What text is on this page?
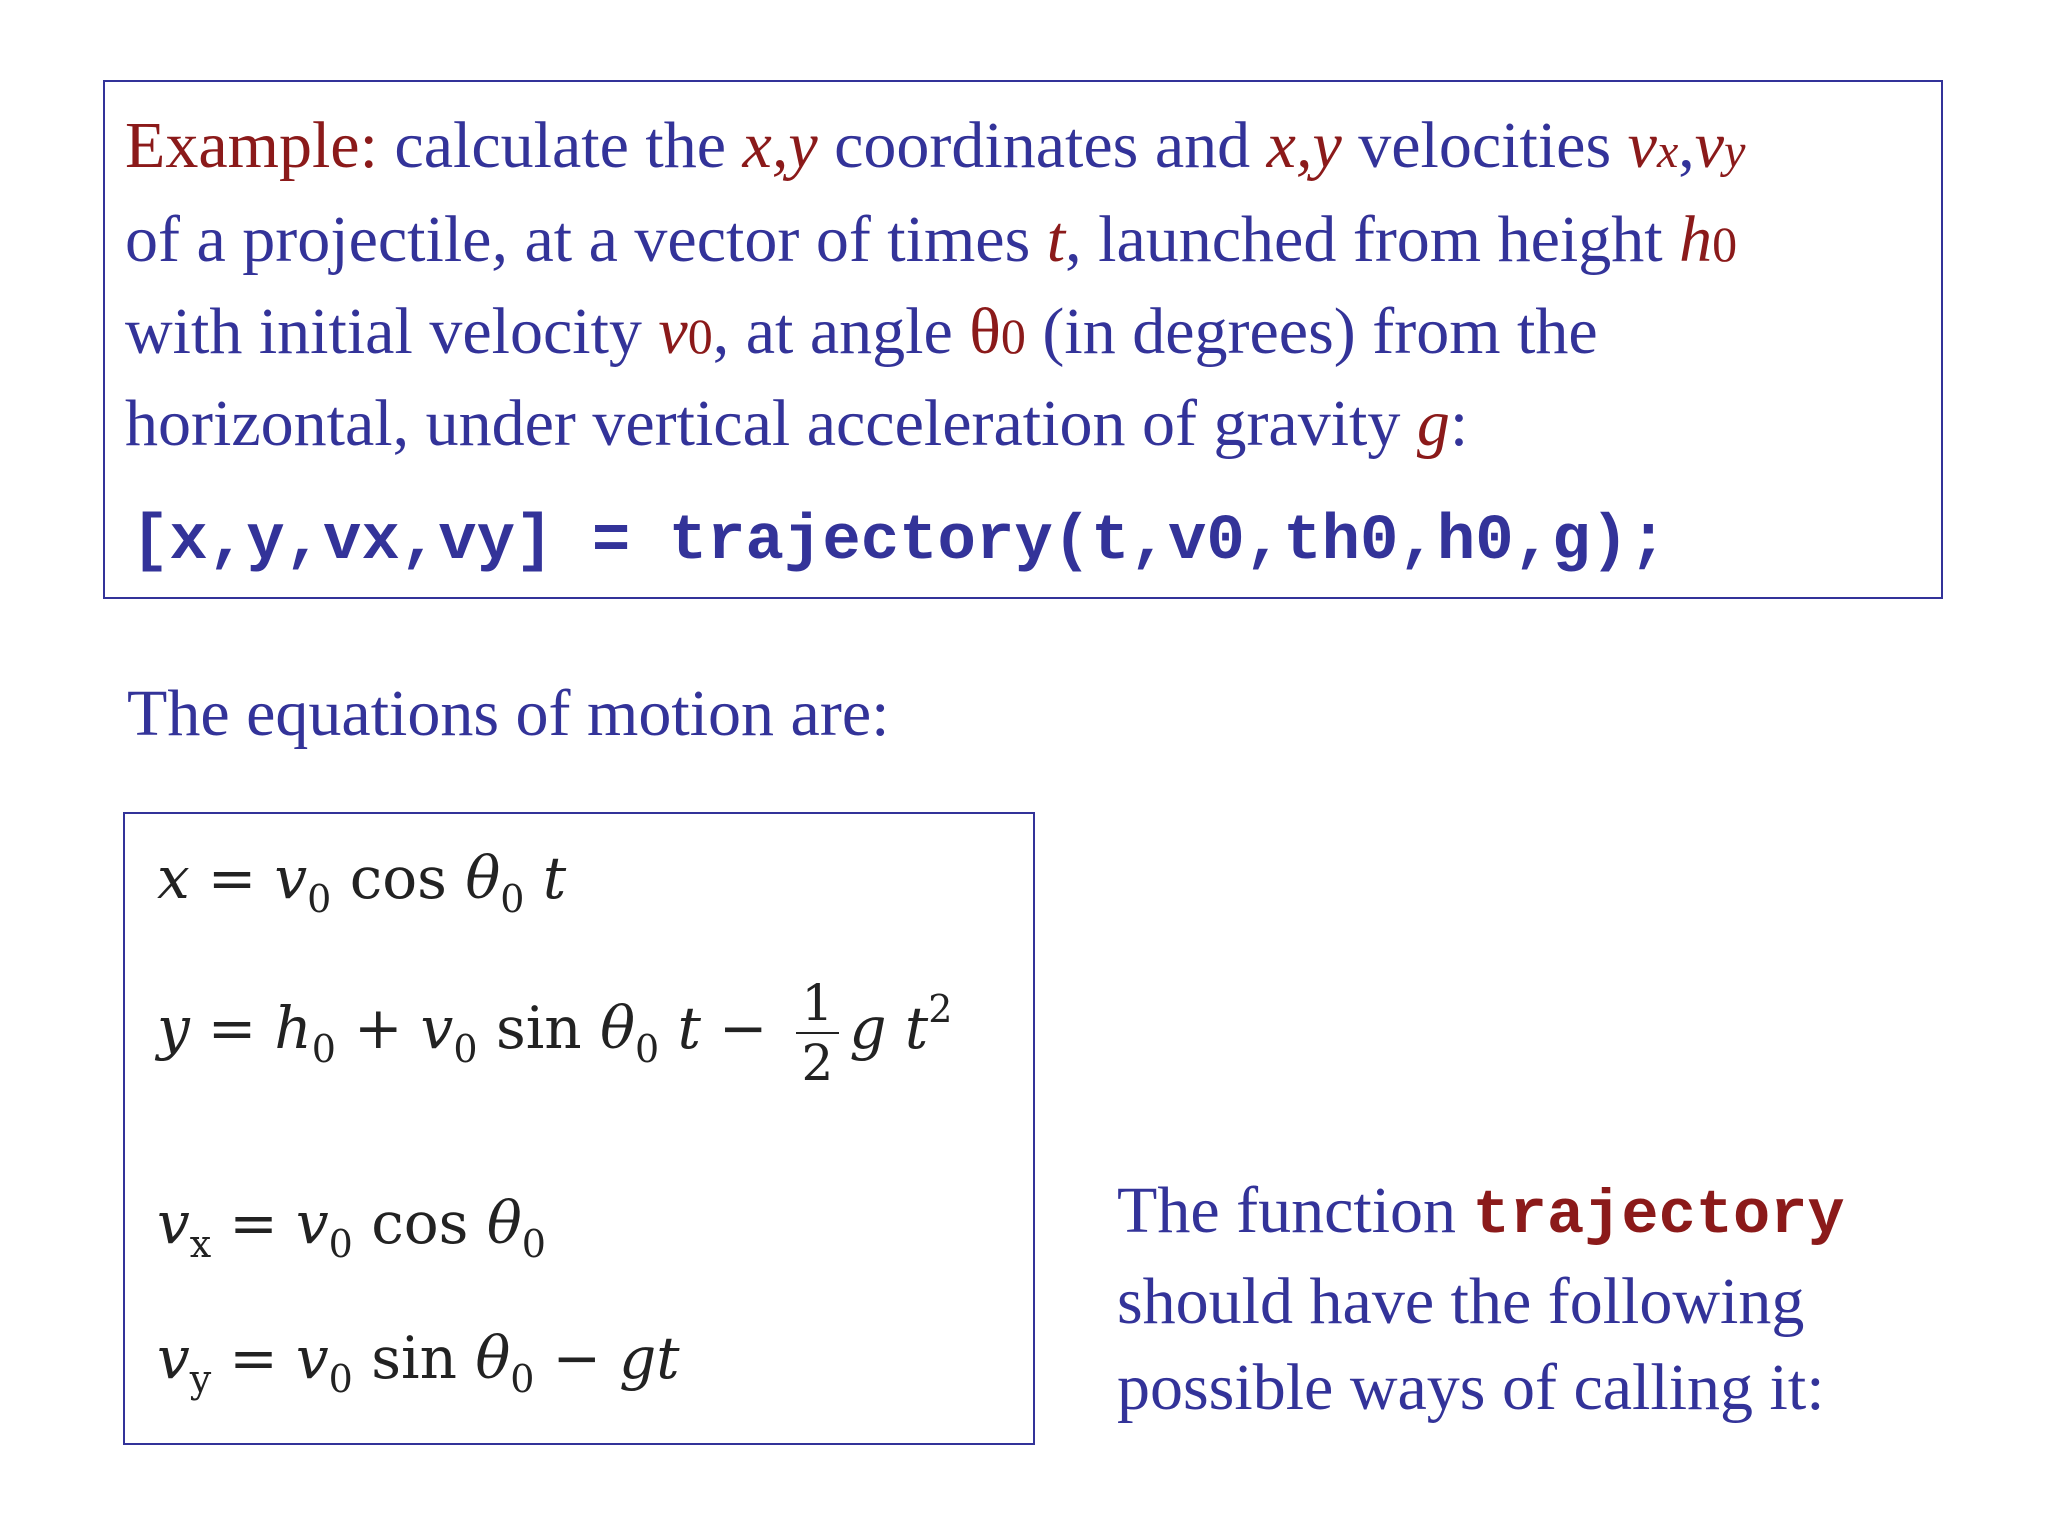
Example: calculate the x,y coordinates and x,y velocities vx,vy
of a projectile, at a vector of times t, launched from height h0
with initial velocity v0, at angle θ0 (in degrees) from the
horizontal, under vertical acceleration of gravity g:
[x,y,vx,vy] = trajectory(t,v0,th0,h0,g);
The equations of motion are:
$x = v_0$ $\cos \theta_0$ t
$y = h_0 + v_0$ $\sin \theta_0$ $t - \frac{1}{2}$ g $t^2$
$v_x = v_0$ $\cos \theta_0$
$v_y = v_0$ $\sin \theta_0$ − gt
The function trajectory
should have the following
possible ways of calling it:
